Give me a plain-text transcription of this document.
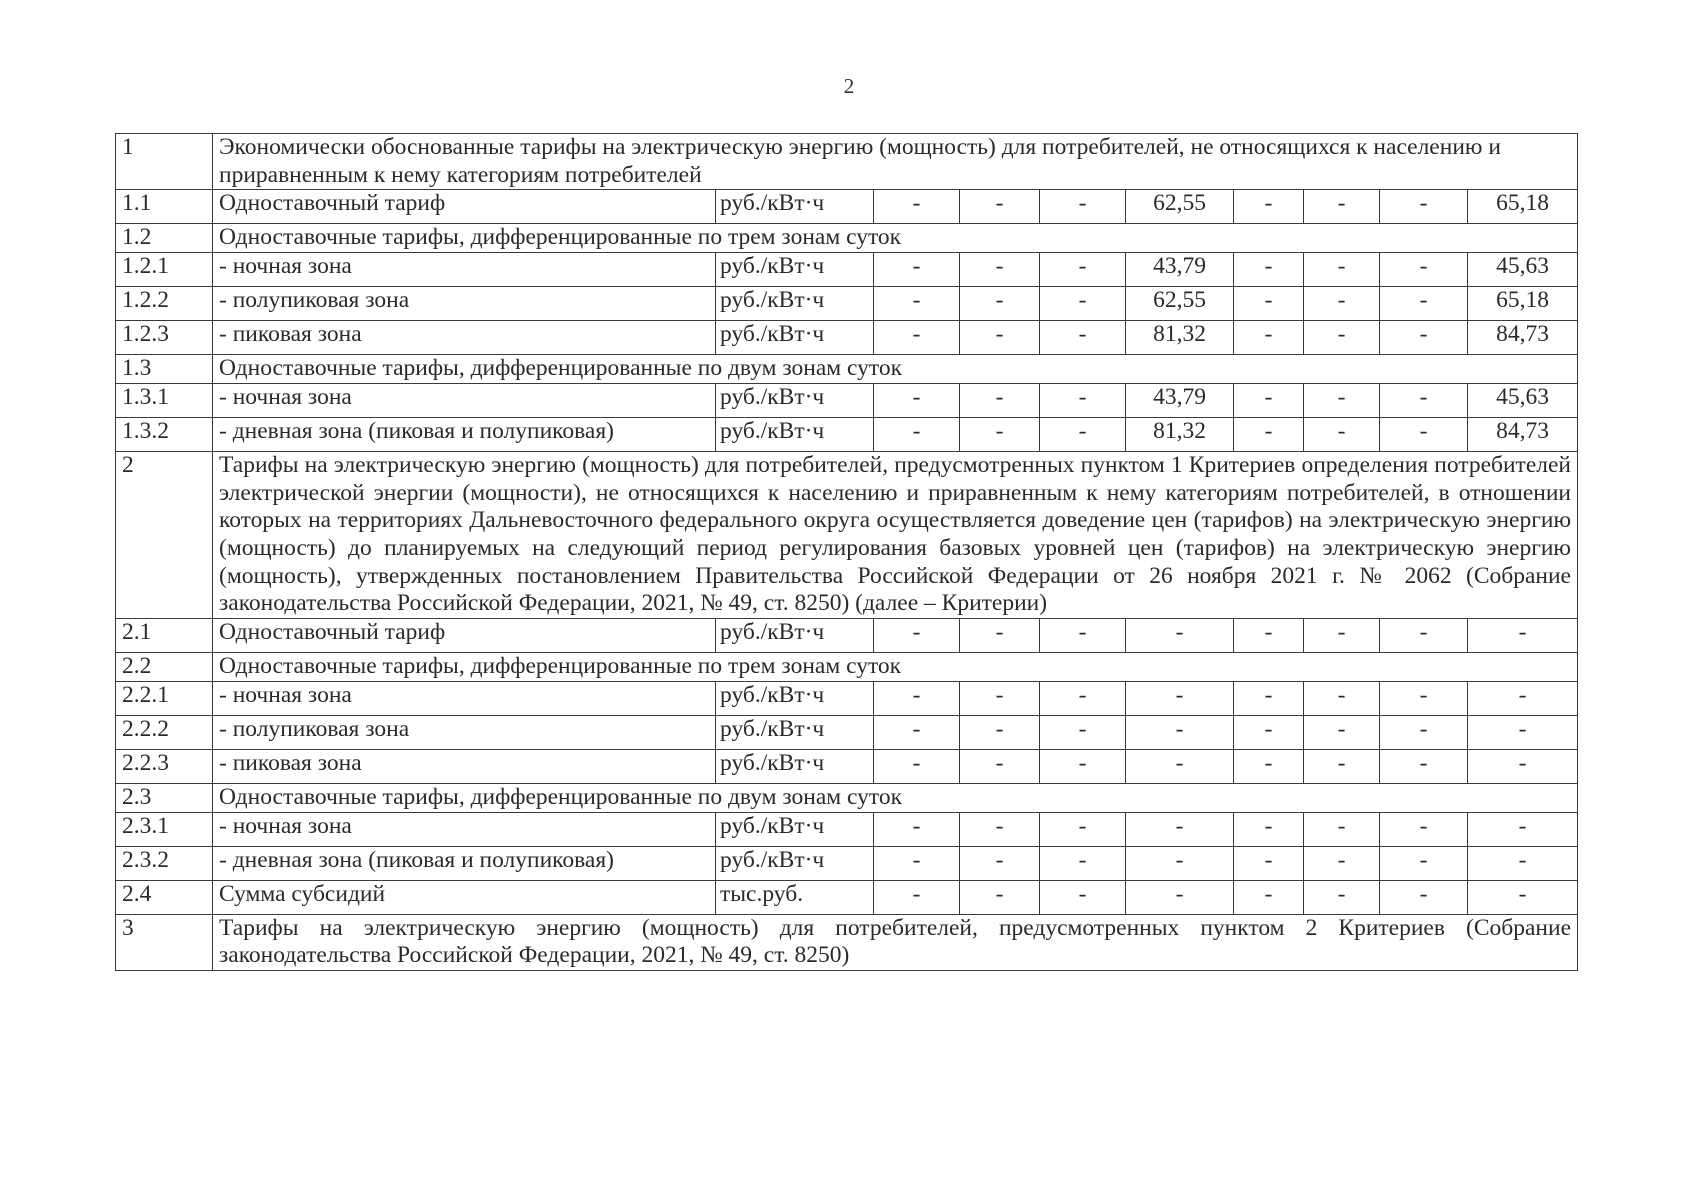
2
1	Экономически обоснованные тарифы на электрическую энергию (мощность) для потребителей, не относящихся к населению и приравненным к нему категориям потребителей									
1.1	Одноставочный тариф	руб./кВт·ч	-	-	-	62,55	-	-	-	65,18
1.2	Одноставочные тарифы, дифференцированные по трем зонам суток									
1.2.1	- ночная зона	руб./кВт·ч	-	-	-	43,79	-	-	-	45,63
1.2.2	- полупиковая зона	руб./кВт·ч	-	-	-	62,55	-	-	-	65,18
1.2.3	- пиковая зона	руб./кВт·ч	-	-	-	81,32	-	-	-	84,73
1.3	Одноставочные тарифы, дифференцированные по двум зонам суток									
1.3.1	- ночная зона	руб./кВт·ч	-	-	-	43,79	-	-	-	45,63
1.3.2	- дневная зона (пиковая и полупиковая)	руб./кВт·ч	-	-	-	81,32	-	-	-	84,73
2	Тарифы на электрическую энергию (мощность) для потребителей, предусмотренных пунктом 1 Критериев определения потребителей электрической энергии (мощности), не относящихся к населению и приравненным к нему категориям потребителей, в отношении которых на территориях Дальневосточного федерального округа осуществляется доведение цен (тарифов) на электрическую энергию (мощность) до планируемых на следующий период регулирования базовых уровней цен (тарифов) на электрическую энергию (мощность), утвержденных постановлением Правительства Российской Федерации от 26 ноября 2021 г. № 2062 (Собрание законодательства Российской Федерации, 2021, № 49, ст. 8250) (далее – Критерии)									
2.1	Одноставочный тариф	руб./кВт·ч	-	-	-	-	-	-	-	-
2.2	Одноставочные тарифы, дифференцированные по трем зонам суток									
2.2.1	- ночная зона	руб./кВт·ч	-	-	-	-	-	-	-	-
2.2.2	- полупиковая зона	руб./кВт·ч	-	-	-	-	-	-	-	-
2.2.3	- пиковая зона	руб./кВт·ч	-	-	-	-	-	-	-	-
2.3	Одноставочные тарифы, дифференцированные по двум зонам суток									
2.3.1	- ночная зона	руб./кВт·ч	-	-	-	-	-	-	-	-
2.3.2	- дневная зона (пиковая и полупиковая)	руб./кВт·ч	-	-	-	-	-	-	-	-
2.4	Сумма субсидий	тыс.руб.	-	-	-	-	-	-	-	-
3	Тарифы на электрическую энергию (мощность) для потребителей, предусмотренных пунктом 2 Критериев (Собрание законодательства Российской Федерации, 2021, № 49, ст. 8250)									
